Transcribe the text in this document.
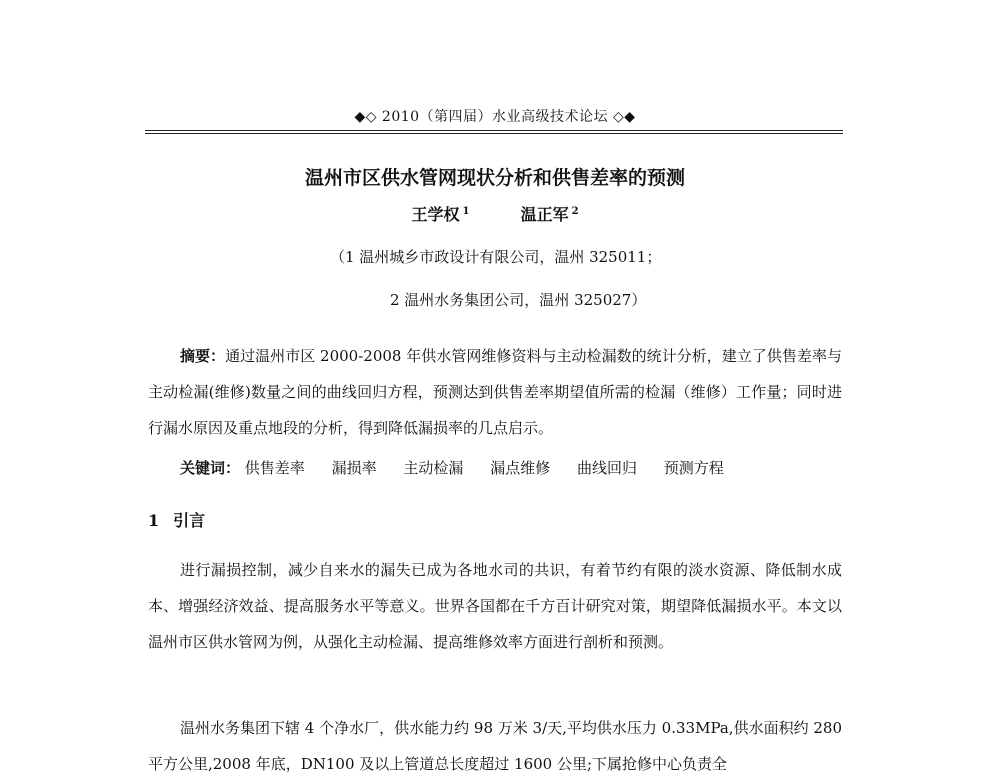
◆◇ 2010（第四届）水业高级技术论坛 ◇◆
温州市区供水管网现状分析和供售差率的预测
王学权 $^1$	温正军 $^2$
（1 温州城乡市政设计有限公司，温州 325011；
2 温州水务集团公司，温州 325027）

摘要：通过温州市区 2000-2008 年供水管网维修资料与主动检漏数的统计分析，建立了供售差率与主动检漏(维修)数量之间的曲线回归方程，预测达到供售差率期望值所需的检漏（维修）工作量；同时进行漏水原因及重点地段的分析，得到降低漏损率的几点启示。

关键词： 供售差率 漏损率 主动检漏 漏点维修 曲线回归 预测方程

1 引言

进行漏损控制，减少自来水的漏失已成为各地水司的共识，有着节约有限的淡水资源、降低制水成本、增强经济效益、提高服务水平等意义。世界各国都在千方百计研究对策，期望降低漏损水平。本文以温州市区供水管网为例，从强化主动检漏、提高维修效率方面进行剖析和预测。

温州水务集团下辖 4 个净水厂，供水能力约 98 万米 3/天,平均供水压力 0.33MPa,供水面积约 280 平方公里,2008 年底，DN100 及以上管道总长度超过 1600 公里;下属抢修中心负责全
